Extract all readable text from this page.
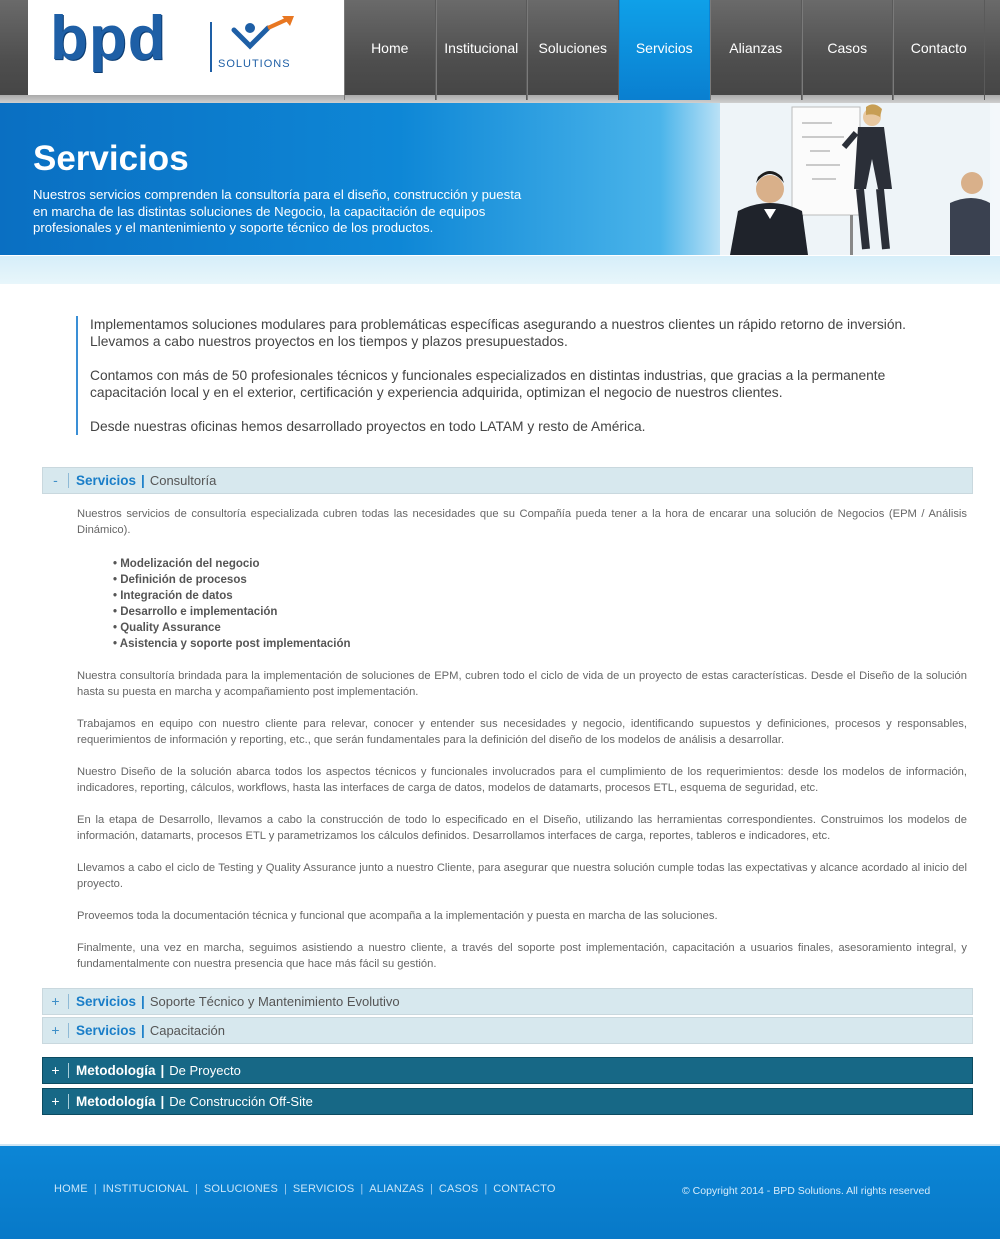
bpd	SOLUTIONS
Home	Institucional	Soluciones	Servicios	Alianzas	Casos	Contacto
Servicios

Nuestros servicios comprenden la consultoría para el diseño, construcción y puesta en marcha de las distintas soluciones de Negocio, la capacitación de equipos profesionales y el mantenimiento y soporte técnico de los productos.

Implementamos soluciones modulares para problemáticas específicas asegurando a nuestros clientes un rápido retorno de inversión. Llevamos a cabo nuestros proyectos en los tiempos y plazos presupuestados.

Contamos con más de 50 profesionales técnicos y funcionales especializados en distintas industrias, que gracias a la permanente capacitación local y en el exterior, certificación y experiencia adquirida, optimizan el negocio de nuestros clientes.

Desde nuestras oficinas hemos desarrollado proyectos en todo LATAM y resto de América.

-	Servicios | Consultoría

Nuestros servicios de consultoría especializada cubren todas las necesidades que su Compañía pueda tener a la hora de encarar una solución de Negocios (EPM / Análisis Dinámico).

• Modelización del negocio
• Definición de procesos
• Integración de datos
• Desarrollo e implementación
• Quality Assurance
• Asistencia y soporte post implementación

Nuestra consultoría brindada para la implementación de soluciones de EPM, cubren todo el ciclo de vida de un proyecto de estas características. Desde el Diseño de la solución hasta su puesta en marcha y acompañamiento post implementación.

Trabajamos en equipo con nuestro cliente para relevar, conocer y entender sus necesidades y negocio, identificando supuestos y definiciones, procesos y responsables, requerimientos de información y reporting, etc., que serán fundamentales para la definición del diseño de los modelos de análisis a desarrollar.

Nuestro Diseño de la solución abarca todos los aspectos técnicos y funcionales involucrados para el cumplimiento de los requerimientos: desde los modelos de información, indicadores, reporting, cálculos, workflows, hasta las interfaces de carga de datos, modelos de datamarts, procesos ETL, esquema de seguridad, etc.

En la etapa de Desarrollo, llevamos a cabo la construcción de todo lo especificado en el Diseño, utilizando las herramientas correspondientes. Construimos los modelos de información, datamarts, procesos ETL y parametrizamos los cálculos definidos. Desarrollamos interfaces de carga, reportes, tableros e indicadores, etc.

Llevamos a cabo el ciclo de Testing y Quality Assurance junto a nuestro Cliente, para asegurar que nuestra solución cumple todas las expectativas y alcance acordado al inicio del proyecto.

Proveemos toda la documentación técnica y funcional que acompaña a la implementación y puesta en marcha de las soluciones.

Finalmente, una vez en marcha, seguimos asistiendo a nuestro cliente, a través del soporte post implementación, capacitación a usuarios finales, asesoramiento integral, y fundamentalmente con nuestra presencia que hace más fácil su gestión.

+	Servicios | Soporte Técnico y Mantenimiento Evolutivo
+	Servicios | Capacitación
+	Metodología | De Proyecto
+	Metodología | De Construcción Off-Site
HOME | INSTITUCIONAL | SOLUCIONES | SERVICIOS | ALIANZAS | CASOS | CONTACTO	© Copyright 2014 - BPD Solutions. All rights reserved
